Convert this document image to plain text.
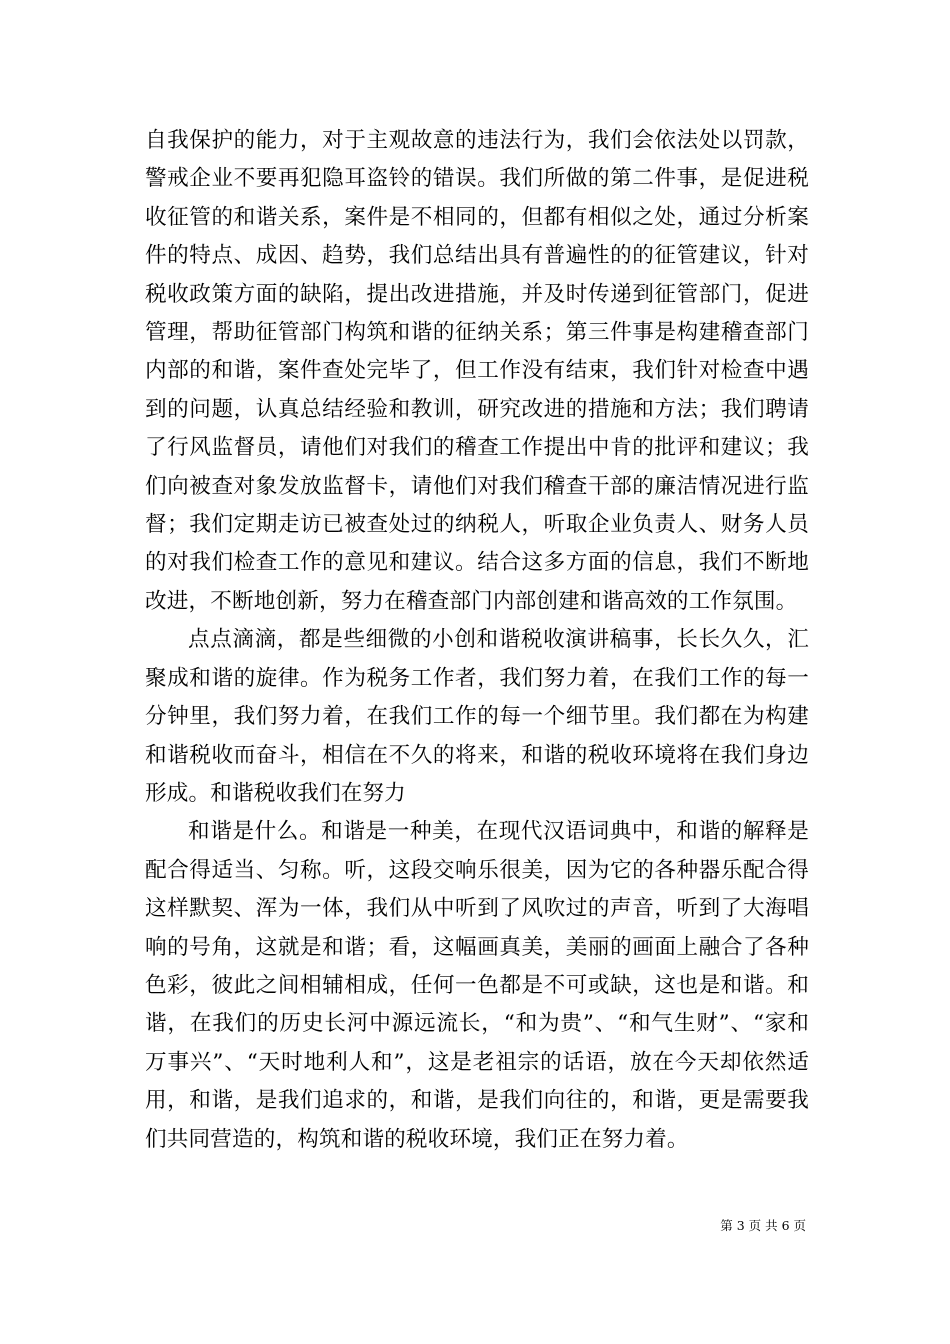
自我保护的能力，对于主观故意的违法行为，我们会依法处以罚款，警戒企业不要再犯隐耳盗铃的错误。我们所做的第二件事，是促进税收征管的和谐关系，案件是不相同的，但都有相似之处，通过分析案件的特点、成因、趋势，我们总结出具有普遍性的的征管建议，针对税收政策方面的缺陷，提出改进措施，并及时传递到征管部门，促进管理，帮助征管部门构筑和谐的征纳关系；第三件事是构建稽查部门内部的和谐，案件查处完毕了，但工作没有结束，我们针对检查中遇到的问题，认真总结经验和教训，研究改进的措施和方法；我们聘请了行风监督员，请他们对我们的稽查工作提出中肯的批评和建议；我们向被查对象发放监督卡，请他们对我们稽查干部的廉洁情况进行监督；我们定期走访已被查处过的纳税人，听取企业负责人、财务人员的对我们检查工作的意见和建议。结合这多方面的信息，我们不断地改进，不断地创新，努力在稽查部门内部创建和谐高效的工作氛围。

点点滴滴，都是些细微的小创和谐税收演讲稿事，长长久久，汇聚成和谐的旋律。作为税务工作者，我们努力着，在我们工作的每一分钟里，我们努力着，在我们工作的每一个细节里。我们都在为构建和谐税收而奋斗，相信在不久的将来，和谐的税收环境将在我们身边形成。和谐税收我们在努力

和谐是什么。和谐是一种美，在现代汉语词典中，和谐的解释是配合得适当、匀称。听，这段交响乐很美，因为它的各种器乐配合得这样默契、浑为一体，我们从中听到了风吹过的声音，听到了大海唱响的号角，这就是和谐；看，这幅画真美，美丽的画面上融合了各种色彩，彼此之间相辅相成，任何一色都是不可或缺，这也是和谐。和谐，在我们的历史长河中源远流长，“和为贵”、“和气生财”、“家和万事兴”、“天时地利人和”，这是老祖宗的话语，放在今天却依然适用，和谐，是我们追求的，和谐，是我们向往的，和谐，更是需要我们共同营造的，构筑和谐的税收环境，我们正在努力着。

第 3 页 共 6 页
